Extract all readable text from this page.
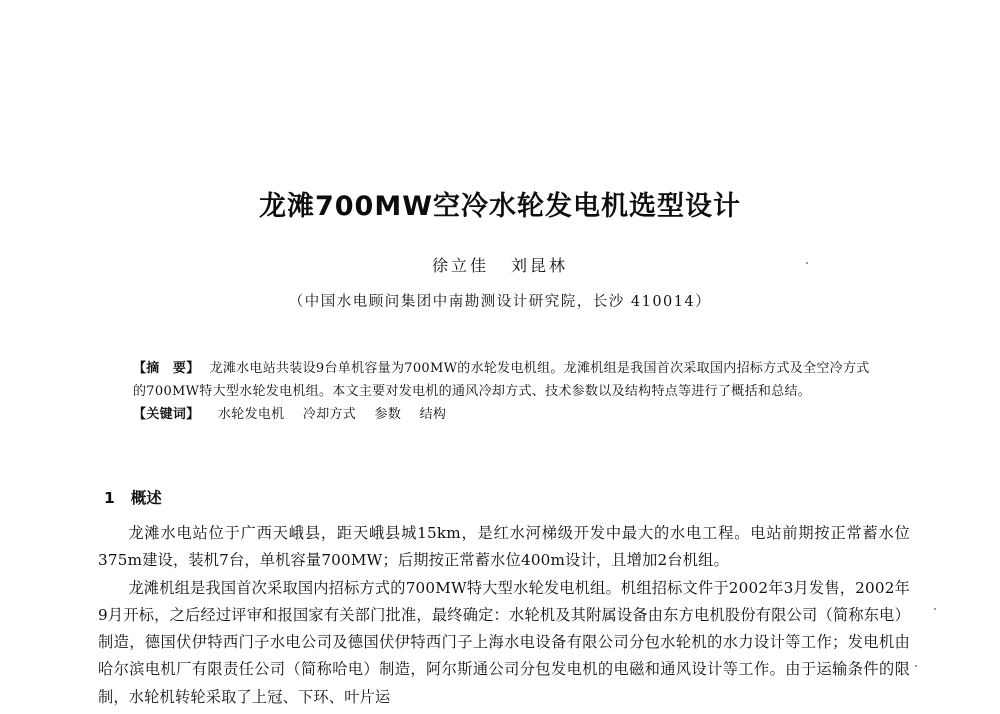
龙滩700MW空冷水轮发电机选型设计
徐立佳 刘昆林
（中国水电顾问集团中南勘测设计研究院，长沙 410014）

【摘　要】 龙滩水电站共装设9台单机容量为700MW的水轮发电机组。龙滩机组是我国首次采取国内招标方式及全空冷方式的700MW特大型水轮发电机组。本文主要对发电机的通风冷却方式、技术参数以及结构特点等进行了概括和总结。

【关键词】 水轮发电机 冷却方式 参数 结构

1 概述

龙滩水电站位于广西天峨县，距天峨县城15km，是红水河梯级开发中最大的水电工程。电站前期按正常蓄水位375m建设，装机7台，单机容量700MW；后期按正常蓄水位400m设计，且增加2台机组。

龙滩机组是我国首次采取国内招标方式的700MW特大型水轮发电机组。机组招标文件于2002年3月发售，2002年9月开标，之后经过评审和报国家有关部门批准，最终确定：水轮机及其附属设备由东方电机股份有限公司（简称东电）制造，德国伏伊特西门子水电公司及德国伏伊特西门子上海水电设备有限公司分包水轮机的水力设计等工作；发电机由哈尔滨电机厂有限责任公司（简称哈电）制造，阿尔斯通公司分包发电机的电磁和通风设计等工作。由于运输条件的限制，水轮机转轮采取了上冠、下环、叶片运
